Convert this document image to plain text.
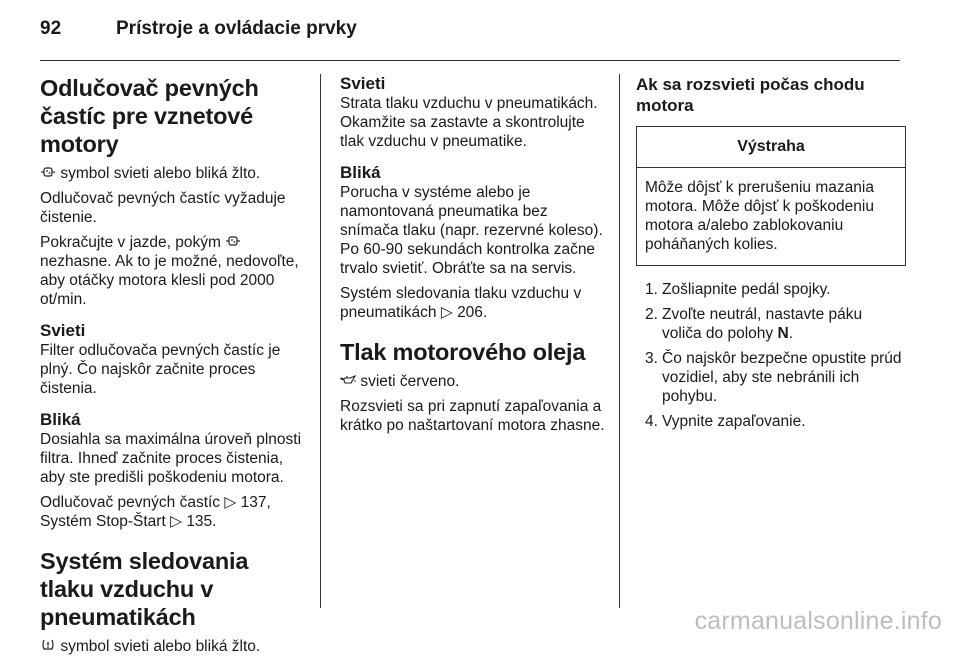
92	Prístroje a ovládacie prvky
Odlučovač pevných častíc pre vznetové motory

symbol svieti alebo bliká žlto.

Odlučovač pevných častíc vyžaduje čistenie.

Pokračujte v jazde, pokým  nezhasne. Ak to je možné, nedovoľte, aby otáčky motora klesli pod 2000 ot/min.

Svieti

Filter odlučovača pevných častíc je plný. Čo najskôr začnite proces čistenia.

Bliká

Dosiahla sa maximálna úroveň plnosti filtra. Ihneď začnite proces čistenia, aby ste predišli poškodeniu motora.

Odlučovač pevných častíc ▷ 137,
Systém Stop-Štart ▷ 135.

Systém sledovania tlaku vzduchu v pneumatikách

symbol svieti alebo bliká žlto.

Svieti

Strata tlaku vzduchu v pneumatikách. Okamžite sa zastavte a skontrolujte tlak vzduchu v pneumatike.

Bliká

Porucha v systéme alebo je namontovaná pneumatika bez snímača tlaku (napr. rezervné koleso). Po 60-90 sekundách kontrolka začne trvalo svietiť. Obráťte sa na servis.

Systém sledovania tlaku vzduchu v pneumatikách ▷ 206.

Tlak motorového oleja

svieti červeno.

Rozsvieti sa pri zapnutí zapaľovania a krátko po naštartovaní motora zhasne.

Ak sa rozsvieti počas chodu motora
Výstraha
Môže dôjsť k prerušeniu mazania motora. Môže dôjsť k poškodeniu motora a/alebo zablokovaniu poháňaných kolies.
1. Zošliapnite pedál spojky.
2. Zvoľte neutrál, nastavte páku voliča do polohy N.
3. Čo najskôr bezpečne opustite prúd vozidiel, aby ste nebránili ich pohybu.
4. Vypnite zapaľovanie.
carmanualsonline.info
